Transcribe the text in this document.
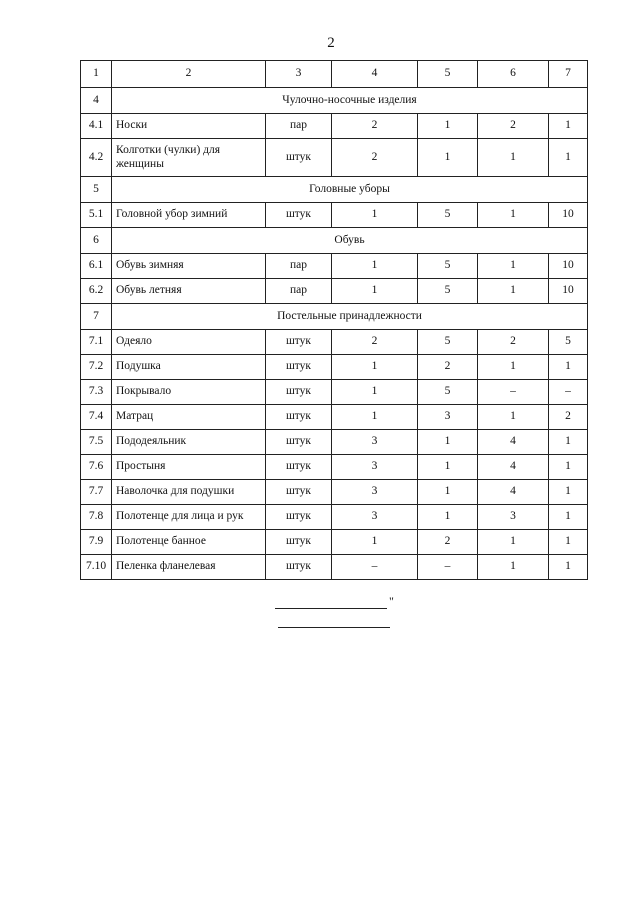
2
1	2	3	4	5	6	7
4	Чулочно-носочные изделия					
4.1	Носки	пар	2	1	2	1
4.2	Колготки (чулки) для женщины	штук	2	1	1	1
5	Головные уборы					
5.1	Головной убор зимний	штук	1	5	1	10
6	Обувь					
6.1	Обувь зимняя	пар	1	5	1	10
6.2	Обувь летняя	пар	1	5	1	10
7	Постельные принадлежности					
7.1	Одеяло	штук	2	5	2	5
7.2	Подушка	штук	1	2	1	1
7.3	Покрывало	штук	1	5	–	–
7.4	Матрац	штук	1	3	1	2
7.5	Пододеяльник	штук	3	1	4	1
7.6	Простыня	штук	3	1	4	1
7.7	Наволочка для подушки	штук	3	1	4	1
7.8	Полотенце для лица и рук	штук	3	1	3	1
7.9	Полотенце банное	штук	1	2	1	1
7.10	Пеленка фланелевая	штук	–	–	1	1
"
